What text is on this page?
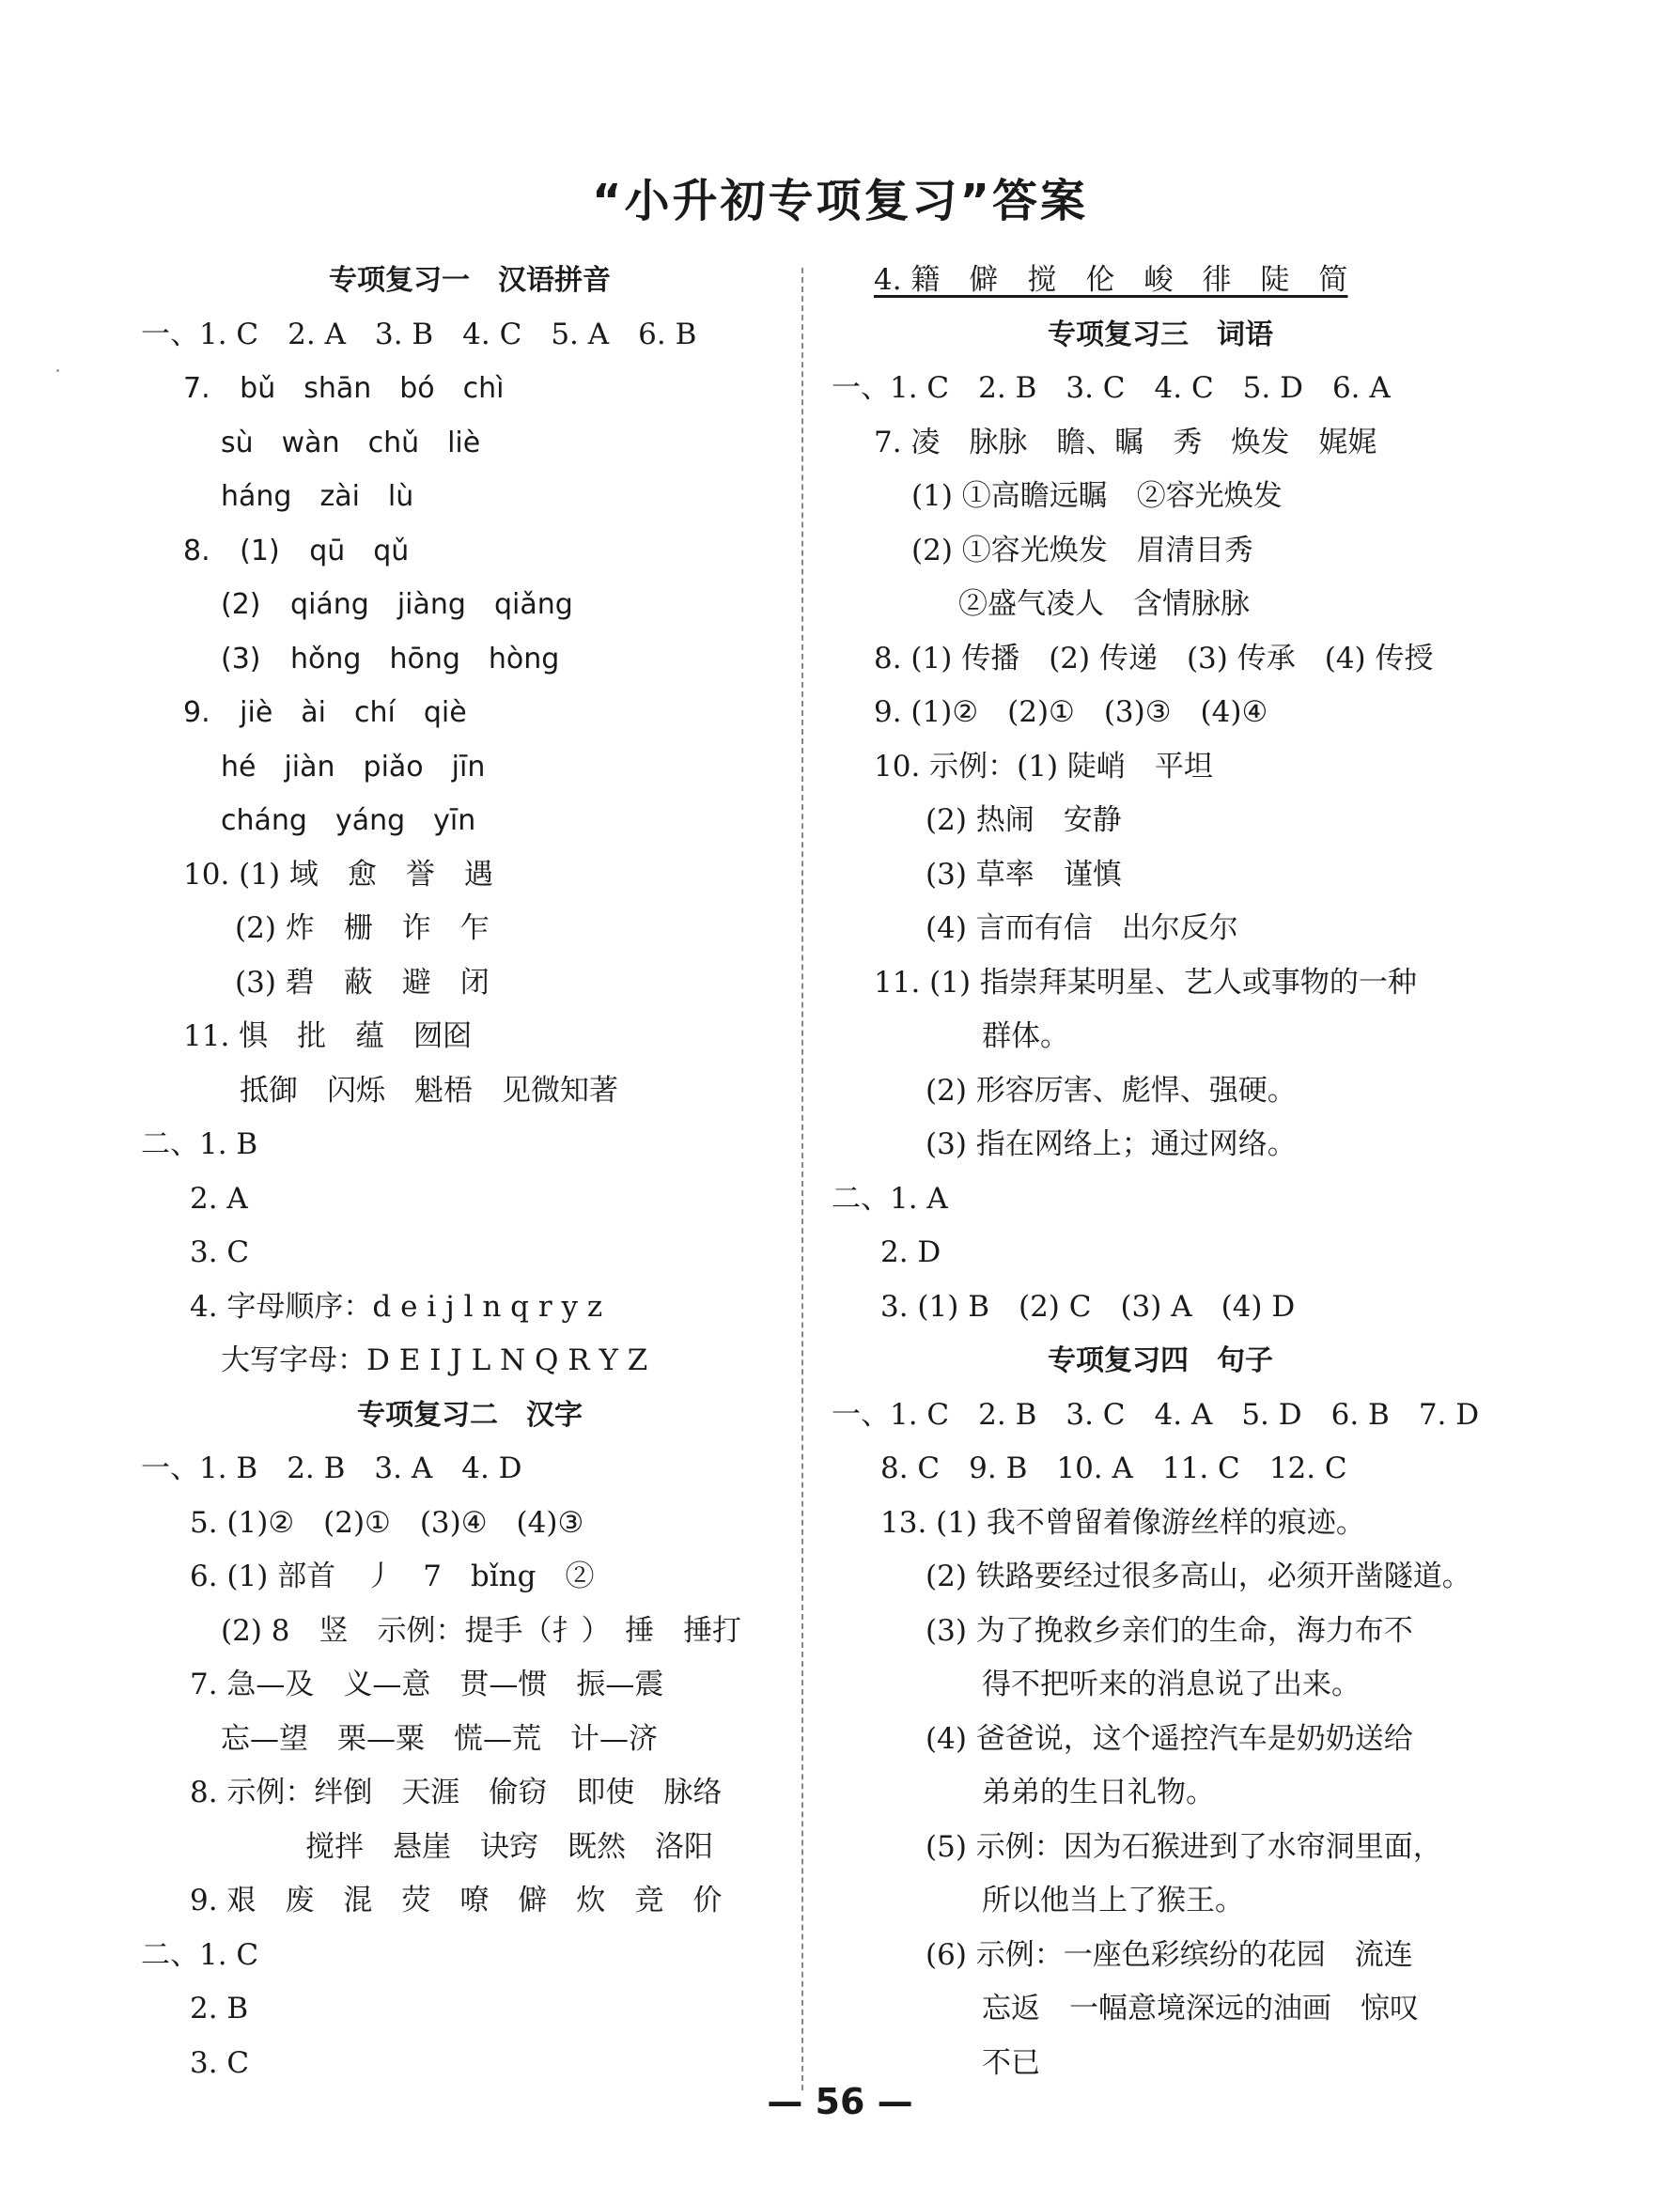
“小升初专项复习”答案
专项复习一　汉语拼音
一、1. C　2. A　3. B　4. C　5. A　6. B
7. bǔ　shān　bó　chì
sù　wàn　chǔ　liè
háng　zài　lù
8. (1) qū　qǔ
(2) qiáng　jiàng　qiǎng
(3) hǒng　hōng　hòng
9. jiè　ài　chí　qiè
hé　jiàn　piǎo　jīn
cháng　yáng　yīn
10. (1) 域　愈　誉　遇
(2) 炸　栅　诈　乍
(3) 碧　蔽　避　闭
11. 惧　批　蕴　囫囵
抵御　闪烁　魁梧　见微知著
二、1. B
2. A
3. C
4. 字母顺序：d e i j l n q r y z
大写字母：D E I J L N Q R Y Z
专项复习二　汉字
一、1. B　2. B　3. A　4. D
5. (1)②　(2)①　(3)④　(4)③
6. (1) 部首　丿　7　bǐng　②
(2) 8　竖　示例：提手（扌）　捶　捶打
7. 急—及　义—意　贯—惯　振—震
忘—望　栗—粟　慌—荒　计—济
8. 示例：绊倒　天涯　偷窃　即使　脉络
搅拌　悬崖　诀窍　既然　洛阳
9. 艰　废　混　荧　嘹　僻　炊　竞　价
二、1. C
2. B
3. C
4. 籍　僻　搅　伦　峻　徘　陡　简
专项复习三　词语
一、1. C　2. B　3. C　4. C　5. D　6. A
7. 凌　脉脉　瞻、瞩　秀　焕发　娓娓
(1) ①高瞻远瞩　②容光焕发
(2) ①容光焕发　眉清目秀
②盛气凌人　含情脉脉
8. (1) 传播　(2) 传递　(3) 传承　(4) 传授
9. (1)②　(2)①　(3)③　(4)④
10. 示例：(1) 陡峭　平坦
(2) 热闹　安静
(3) 草率　谨慎
(4) 言而有信　出尔反尔
11. (1) 指崇拜某明星、艺人或事物的一种
群体。
(2) 形容厉害、彪悍、强硬。
(3) 指在网络上；通过网络。
二、1. A
2. D
3. (1) B　(2) C　(3) A　(4) D
专项复习四　句子
一、1. C　2. B　3. C　4. A　5. D　6. B　7. D
8. C　9. B　10. A　11. C　12. C
13. (1) 我不曾留着像游丝样的痕迹。
(2) 铁路要经过很多高山，必须开凿隧道。
(3) 为了挽救乡亲们的生命，海力布不
得不把听来的消息说了出来。
(4) 爸爸说，这个遥控汽车是奶奶送给
弟弟的生日礼物。
(5) 示例：因为石猴进到了水帘洞里面，
所以他当上了猴王。
(6) 示例：一座色彩缤纷的花园　流连
忘返　一幅意境深远的油画　惊叹
不已
— 56 —
